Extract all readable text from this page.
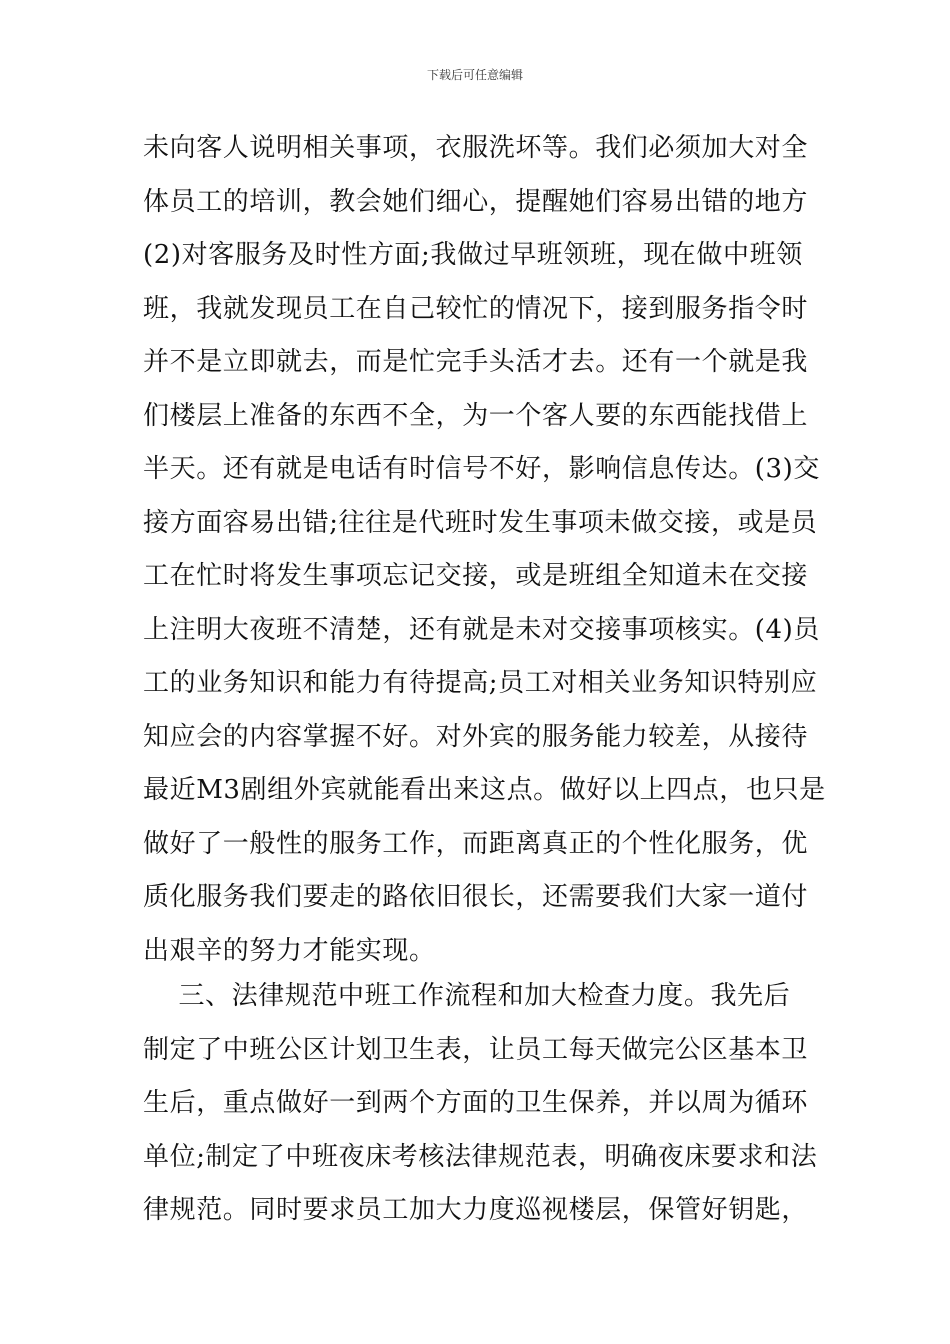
下载后可任意编辑
未向客人说明相关事项，衣服洗坏等。我们必须加大对全
体员工的培训，教会她们细心，提醒她们容易出错的地方
(2)对客服务及时性方面;我做过早班领班，现在做中班领
班，我就发现员工在自己较忙的情况下，接到服务指令时
并不是立即就去，而是忙完手头活才去。还有一个就是我
们楼层上准备的东西不全，为一个客人要的东西能找借上
半天。还有就是电话有时信号不好，影响信息传达。(3)交
接方面容易出错;往往是代班时发生事项未做交接，或是员
工在忙时将发生事项忘记交接，或是班组全知道未在交接
上注明大夜班不清楚，还有就是未对交接事项核实。(4)员
工的业务知识和能力有待提高;员工对相关业务知识特别应
知应会的内容掌握不好。对外宾的服务能力较差，从接待
最近M3剧组外宾就能看出来这点。做好以上四点，也只是
做好了一般性的服务工作，而距离真正的个性化服务，优
质化服务我们要走的路依旧很长，还需要我们大家一道付
出艰辛的努力才能实现。
三、法律规范中班工作流程和加大检查力度。我先后
制定了中班公区计划卫生表，让员工每天做完公区基本卫
生后，重点做好一到两个方面的卫生保养，并以周为循环
单位;制定了中班夜床考核法律规范表，明确夜床要求和法
律规范。同时要求员工加大力度巡视楼层，保管好钥匙，
